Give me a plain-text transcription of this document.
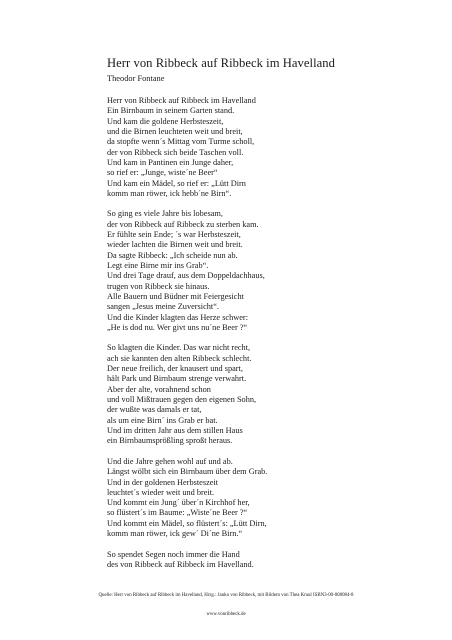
Herr von Ribbeck auf Ribbeck im Havelland
Theodor Fontane
Herr von Ribbeck auf Ribbeck im Havelland
Ein Birnbaum in seinem Garten stand.
Und kam die goldene Herbsteszeit,
und die Birnen leuchteten weit und breit,
da stopfte wenn´s Mittag vom Turme scholl,
der von Ribbeck sich beide Taschen voll.
Und kam in Pantinen ein Junge daher,
so rief er: „Junge, wiste´ne Beer“
Und kam ein Mädel, so rief er: „Lütt Dirn
komm man röwer, ick hebb´ne Birn“.
So ging es viele Jahre bis lobesam,
der von Ribbeck auf Ribbeck zu sterben kam.
Er fühlte sein Ende; ´s war Herbsteszeit,
wieder lachten die Birnen weit und breit.
Da sagte Ribbeck: „Ich scheide nun ab.
Legt eine Birne mir ins Grab“.
Und drei Tage drauf, aus dem Doppeldachhaus,
trugen von Ribbeck sie hinaus.
Alle Bauern und Büdner mit Feiergesicht
sangen „Jesus meine Zuversicht“.
Und die Kinder klagten das Herze schwer:
„He is dod nu. Wer givt uns nu´ne Beer ?“
So klagten die Kinder. Das war nicht recht,
ach sie kannten den alten Ribbeck schlecht.
Der neue freilich, der knausert und spart,
hält Park und Birnbaum strenge verwahrt.
Aber der alte, vorahnend schon
und voll Mißtrauen gegen den eigenen Sohn,
der wußte was damals er tat,
als um eine Birn´ ins Grab er bat.
Und im dritten Jahr aus dem stillen Haus
ein Birnbaumsprößling sproßt heraus.
Und die Jahre gehen wohl auf und ab.
Längst wölbt sich ein Birnbaum über dem Grab.
Und in der goldenen Herbsteszeit
leuchtet´s wieder weit und breit.
Und kommt ein Jung´ über´n Kirchhof her,
so flüstert´s im Baume: „Wiste´ne Beer ?“
Und kommt ein Mädel, so flüstert´s: „Lütt Dirn,
komm man röwer, ick gew´ Di´ne Birn.“
So spendet Segen noch immer die Hand
des von Ribbeck auf Ribbeck im Havelland.
Quelle: Herr von Ribbeck auf Ribbeck im Havelland, Hrsg.: Janko von Ribbeck, mit Bildern von Thea Kraul ISBN3-00-008084-8
www.vonribbeck.de
